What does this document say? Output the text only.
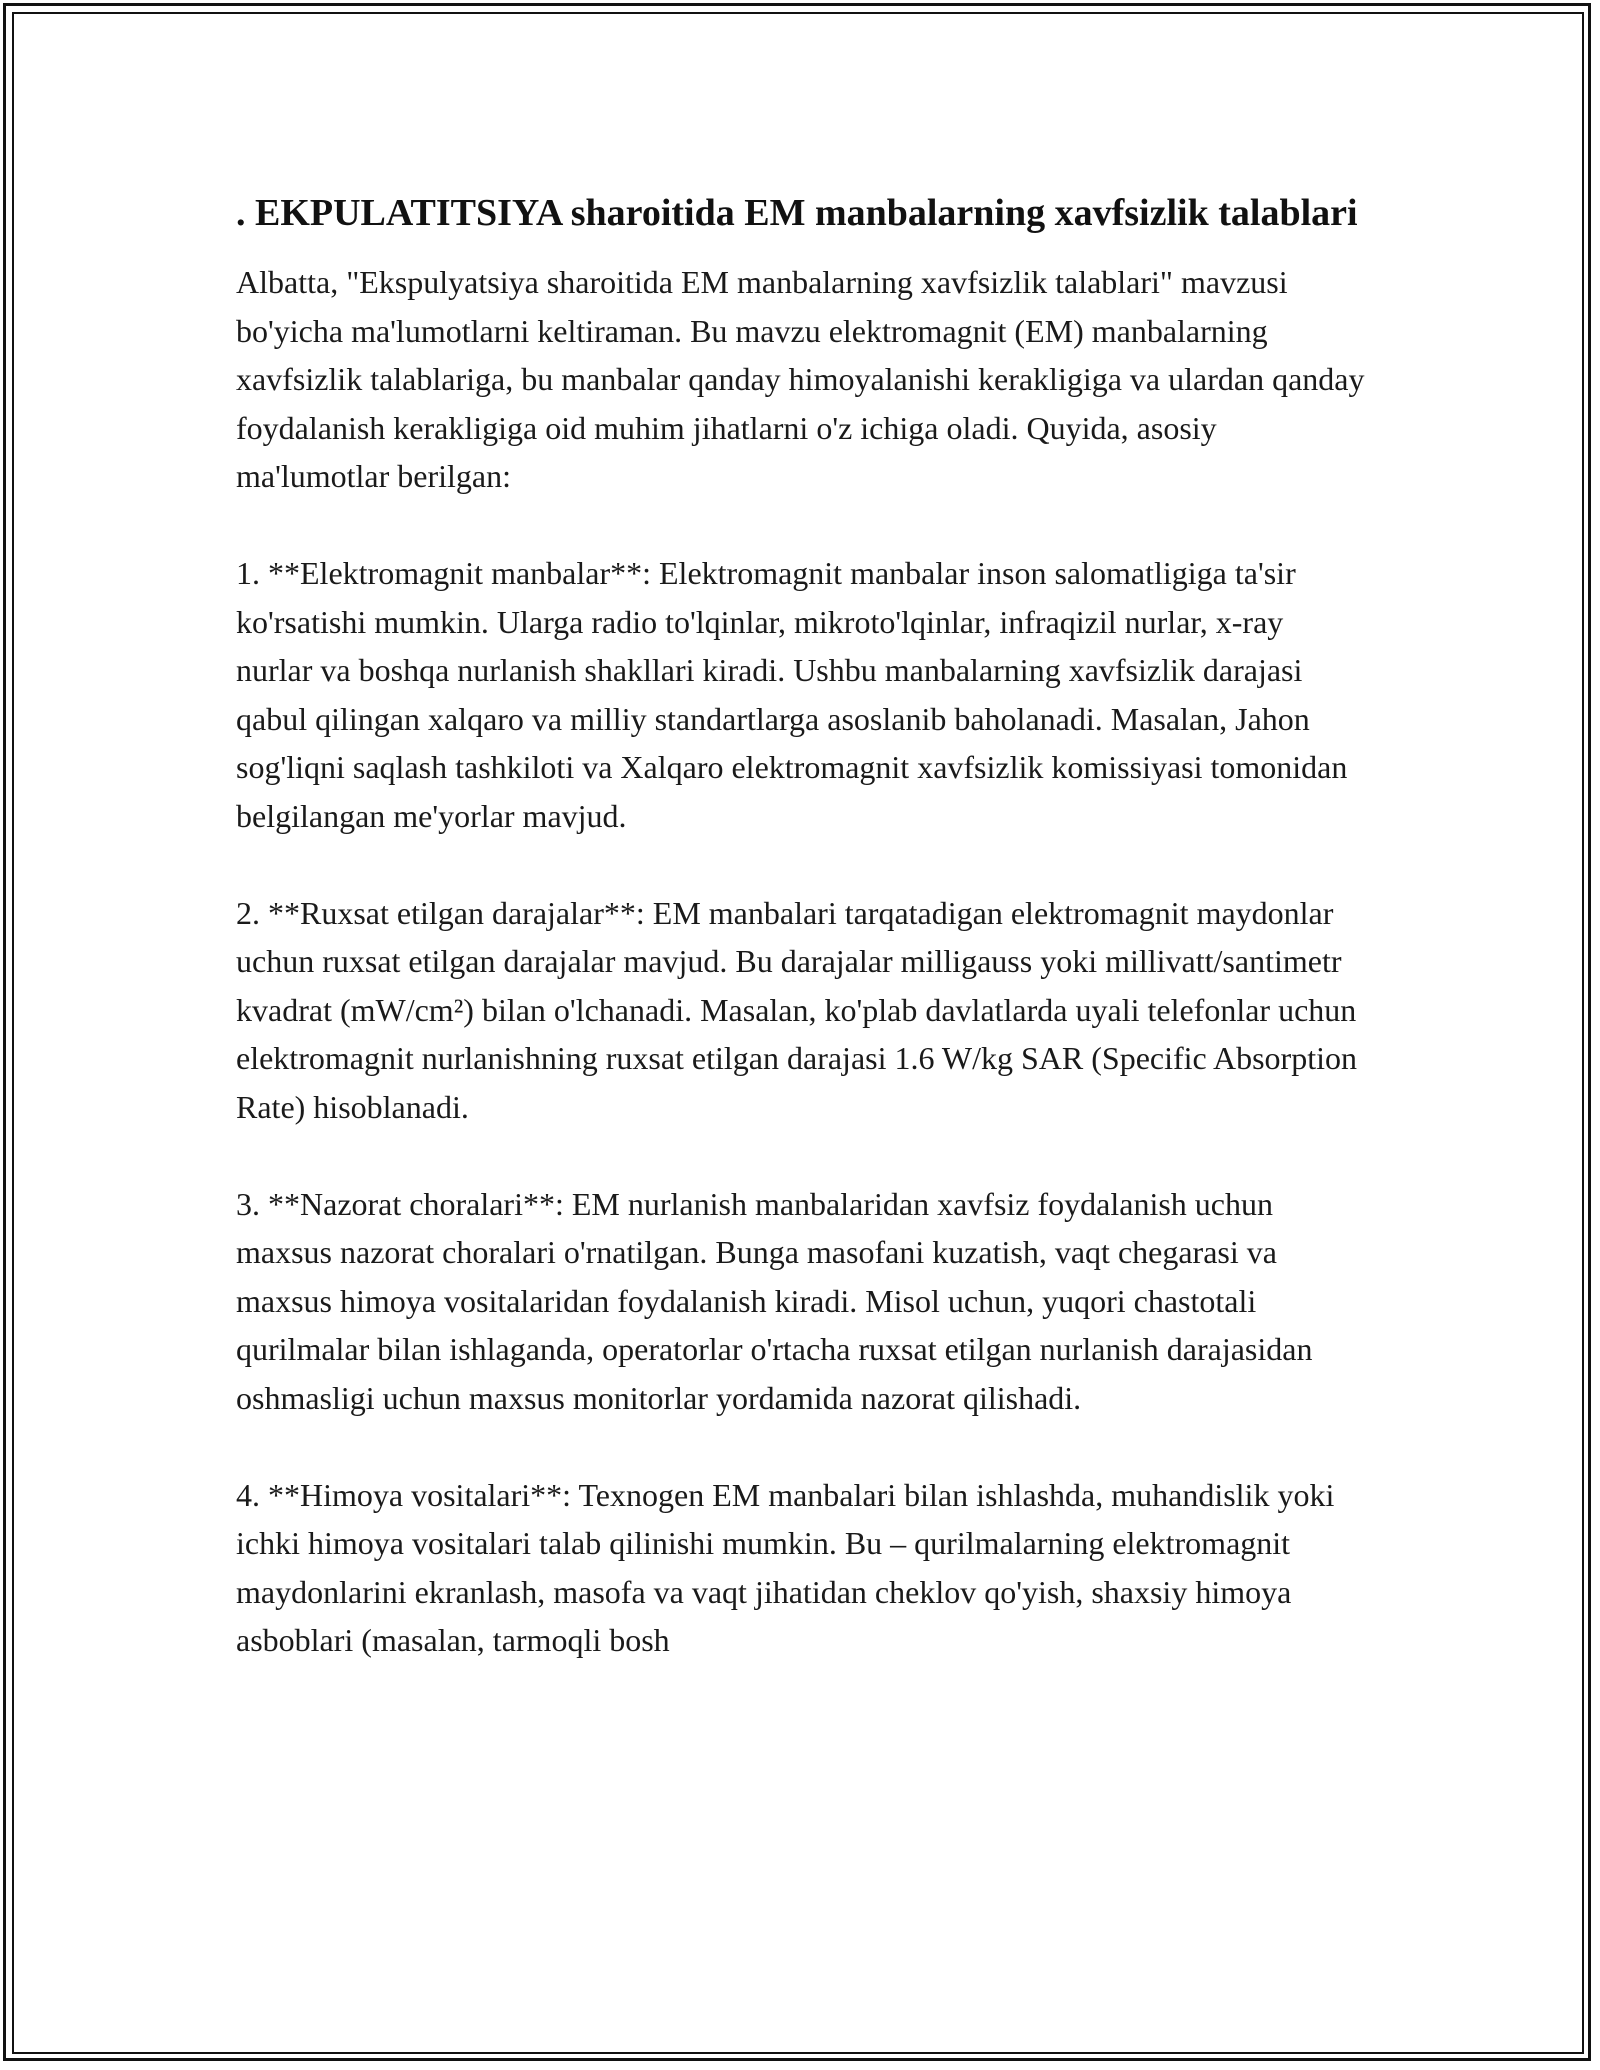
. EKPULATITSIYA sharoitida EM manbalarning xavfsizlik talablari

Albatta, "Ekspulyatsiya sharoitida EM manbalarning xavfsizlik talablari" mavzusi bo'yicha ma'lumotlarni keltiraman. Bu mavzu elektromagnit (EM) manbalarning xavfsizlik talablariga, bu manbalar qanday himoyalanishi kerakligiga va ulardan qanday foydalanish kerakligiga oid muhim jihatlarni o'z ichiga oladi. Quyida, asosiy ma'lumotlar berilgan:

1. **Elektromagnit manbalar**: Elektromagnit manbalar inson salomatligiga ta'sir ko'rsatishi mumkin. Ularga radio to'lqinlar, mikroto'lqinlar, infraqizil nurlar, x-ray nurlar va boshqa nurlanish shakllari kiradi. Ushbu manbalarning xavfsizlik darajasi qabul qilingan xalqaro va milliy standartlarga asoslanib baholanadi. Masalan, Jahon sog'liqni saqlash tashkiloti va Xalqaro elektromagnit xavfsizlik komissiyasi tomonidan belgilangan me'yorlar mavjud.

2. **Ruxsat etilgan darajalar**: EM manbalari tarqatadigan elektromagnit maydonlar uchun ruxsat etilgan darajalar mavjud. Bu darajalar milligauss yoki millivatt/santimetr kvadrat (mW/cm²) bilan o'lchanadi. Masalan, ko'plab davlatlarda uyali telefonlar uchun elektromagnit nurlanishning ruxsat etilgan darajasi 1.6 W/kg SAR (Specific Absorption Rate) hisoblanadi.

3. **Nazorat choralari**: EM nurlanish manbalaridan xavfsiz foydalanish uchun maxsus nazorat choralari o'rnatilgan. Bunga masofani kuzatish, vaqt chegarasi va maxsus himoya vositalaridan foydalanish kiradi. Misol uchun, yuqori chastotali qurilmalar bilan ishlaganda, operatorlar o'rtacha ruxsat etilgan nurlanish darajasidan oshmasligi uchun maxsus monitorlar yordamida nazorat qilishadi.

4. **Himoya vositalari**: Texnogen EM manbalari bilan ishlashda, muhandislik yoki ichki himoya vositalari talab qilinishi mumkin. Bu – qurilmalarning elektromagnit maydonlarini ekranlash, masofa va vaqt jihatidan cheklov qo'yish, shaxsiy himoya asboblari (masalan, tarmoqli bosh
